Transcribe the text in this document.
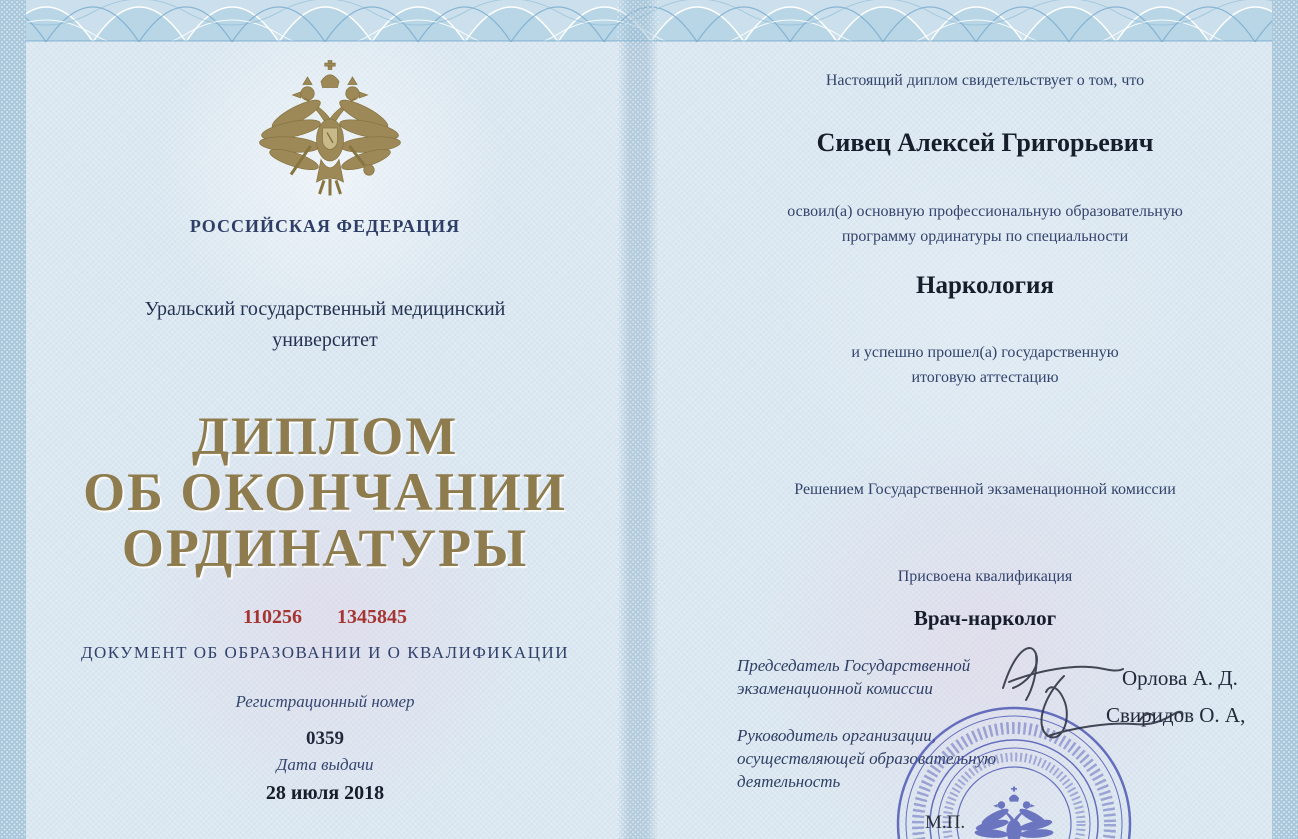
РОССИЙСКАЯ ФЕДЕРАЦИЯ
Уральский государственный медицинский
университет
ДИПЛОМ
ОБ ОКОНЧАНИИ
ОРДИНАТУРЫ
110256 1345845
ДОКУМЕНТ ОБ ОБРАЗОВАНИИ И О КВАЛИФИКАЦИИ
Регистрационный номер
0359
Дата выдачи
28 июля 2018
Настоящий диплом свидетельствует о том, что
Сивец Алексей Григорьевич
освоил(а) основную профессиональную образовательную
программу ординатуры по специальности
Наркология
и успешно прошел(а) государственную
итоговую аттестацию
Решением Государственной экзаменационной комиссии
Присвоена квалификация
Врач-нарколог
Председатель Государственной
экзаменационной комиссии	Орлова А. Д.
Руководитель организации,
осуществляющей образовательную
деятельность
Свиридов О. А,
М.П.
